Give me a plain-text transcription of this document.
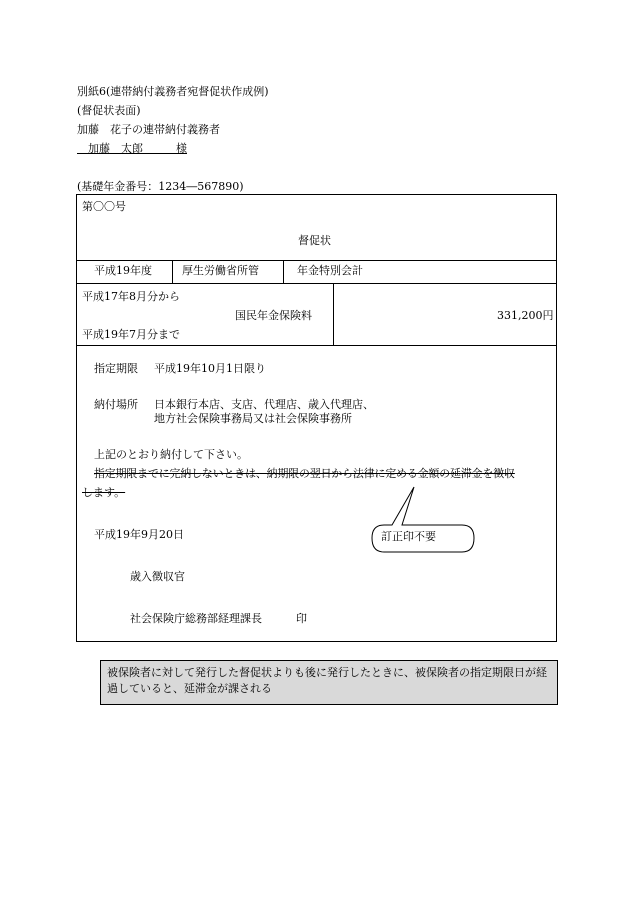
別紙6(連帯納付義務者宛督促状作成例)
(督促状表面)
加藤　花子の連帯納付義務者
　加藤　太郎　　　様
(基礎年金番号：1234―567890)
第〇〇号
督促状
平成19年度	厚生労働省所管	年金特別会計
平成17年8月分から
国民年金保険料
平成19年7月分まで
331,200円
指定期限 平成19年10月1日限り
納付場所 日本銀行本店、支店、代理店、歳入代理店、
地方社会保険事務局又は社会保険事務所
上記のとおり納付して下さい。
指定期限までに完納しないときは、納期限の翌日から法律に定める金額の延滞金を徴収
します。
平成19年9月20日	訂正印不要
歳入徴収官
社会保険庁総務部経理課長	印
被保険者に対して発行した督促状よりも後に発行したときに、被保険者の指定期限日が経過していると、延滞金が課される
